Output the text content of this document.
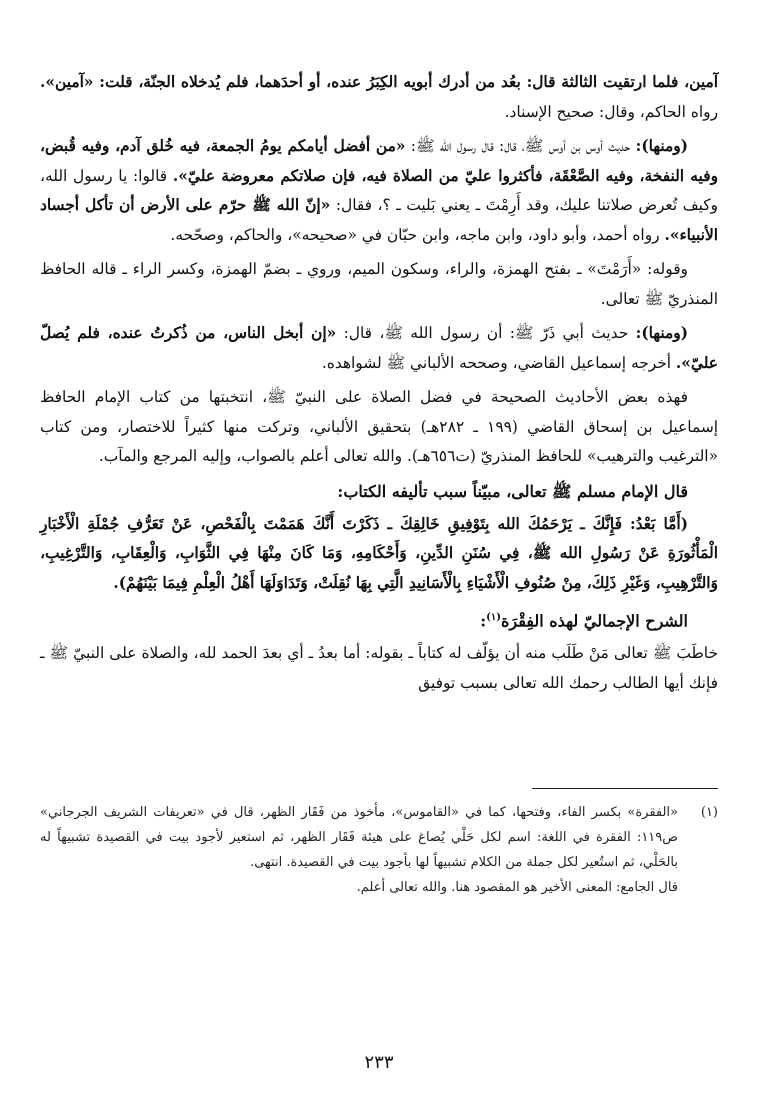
آمين، فلما ارتقيت الثالثة قال: بعُد من أدرك أبويه الكِبَرُ عنده، أو أحدَهما، فلم يُدخلاه الجنّة، قلت: «آمين». رواه الحاكم، وقال: صحيح الإسناد.

(ومنها): حديث أوس بن أوس ﷺ، قال: قال رسول الله ﷺ: «من أفضل أيامكم يومُ الجمعة، فيه خُلق آدم، وفيه قُبض، وفيه النفخة، وفيه الصَّعْقَة، فأكثروا عليّ من الصلاة فيه، فإن صلاتكم معروضة عليّ». قالوا: يا رسول الله، وكيف تُعرض صلاتنا عليك، وقد أَرِمْتَ ـ يعني بَليت ـ ؟، فقال: «إنّ الله ﷺ حرّم على الأرض أن تأكل أجساد الأنبياء». رواه أحمد، وأبو داود، وابن ماجه، وابن حبّان في «صحيحه»، والحاكم، وصحّحه.

وقوله: «أَرَمْتَ» ـ بفتح الهمزة، والراء، وسكون الميم، وروي ـ بضمّ الهمزة، وكسر الراء ـ قاله الحافظ المنذريّ ﷺ تعالى.

(ومنها): حديث أبي ذَرّ ﷺ: أن رسول الله ﷺ، قال: «إن أبخل الناس، من ذُكرتُ عنده، فلم يُصلّ عليّ». أخرجه إسماعيل القاضي، وصححه الألباني ﷺ لشواهده.

فهذه بعض الأحاديث الصحيحة في فضل الصلاة على النبيّ ﷺ، انتخبتها من كتاب الإمام الحافظ إسماعيل بن إسحاق القاضي (١٩٩ ـ ٢٨٢هـ) بتحقيق الألباني، وتركت منها كثيراً للاختصار، ومن كتاب «الترغيب والترهيب» للحافظ المنذريّ (ت٦٥٦هـ). والله تعالى أعلم بالصواب، وإليه المرجع والمآب.

قال الإمام مسلم ﷺ تعالى، مبيّناً سبب تأليفه الكتاب:

(أَمَّا بَعْدُ: فَإِنَّكَ ـ يَرْحَمُكَ الله بِتَوْفِيقِ خَالِقِكَ ـ ذَكَرْتَ أَنَّكَ هَمَمْتَ بِالْفَحْصِ، عَنْ تَعَرُّفِ جُمْلَةِ الْأَخْبَارِ الْمَأْثُورَةِ عَنْ رَسُولِ الله ﷺ، فِي سُنَنِ الدِّينِ، وَأَحْكَامِهِ، وَمَا كَانَ مِنْهَا فِي الثَّوَابِ، وَالْعِقَابِ، وَالتَّرْغِيبِ، وَالتَّرْهِيبِ، وَغَيْرِ ذَلِكَ، مِنْ صُنُوفِ الْأَشْيَاءِ بِالْأَسَانِيدِ الَّتِي بِهَا نُقِلَتْ، وَتَدَاوَلَهَا أَهْلُ الْعِلْمِ فِيمَا بَيْنَهُمْ).

الشرح الإجماليّ لهذه الفِقْرَة$^{(١)}$:

خاطَبَ ﷺ تعالى مَنْ طَلَب منه أن يؤلّف له كتاباً ـ بقوله: أما بعدُ ـ أي بعدَ الحمد لله، والصلاة على النبيّ ﷺ ـ فإنك أيها الطالب رحمك الله تعالى بسبب توفيق

(١)
«الفقرة» بكسر الفاء، وفتحها، كما في «القاموس»، مأخوذ من فَقَار الظهر، قال في «تعريفات الشريف الجرجاني» ص١١٩: الفقرة في اللغة: اسم لكل حَلْي يُصاغ على هيئة فَقَار الظهر، ثم استعير لأجود بيت في القصيدة تشبيهاً له بالحَلْي، ثم استُعير لكل جملة من الكلام تشبيهاً لها بأجود بيت في القصيدة. انتهى.
قال الجامع: المعنى الأخير هو المقصود هنا. والله تعالى أعلم.
٢٣٣
